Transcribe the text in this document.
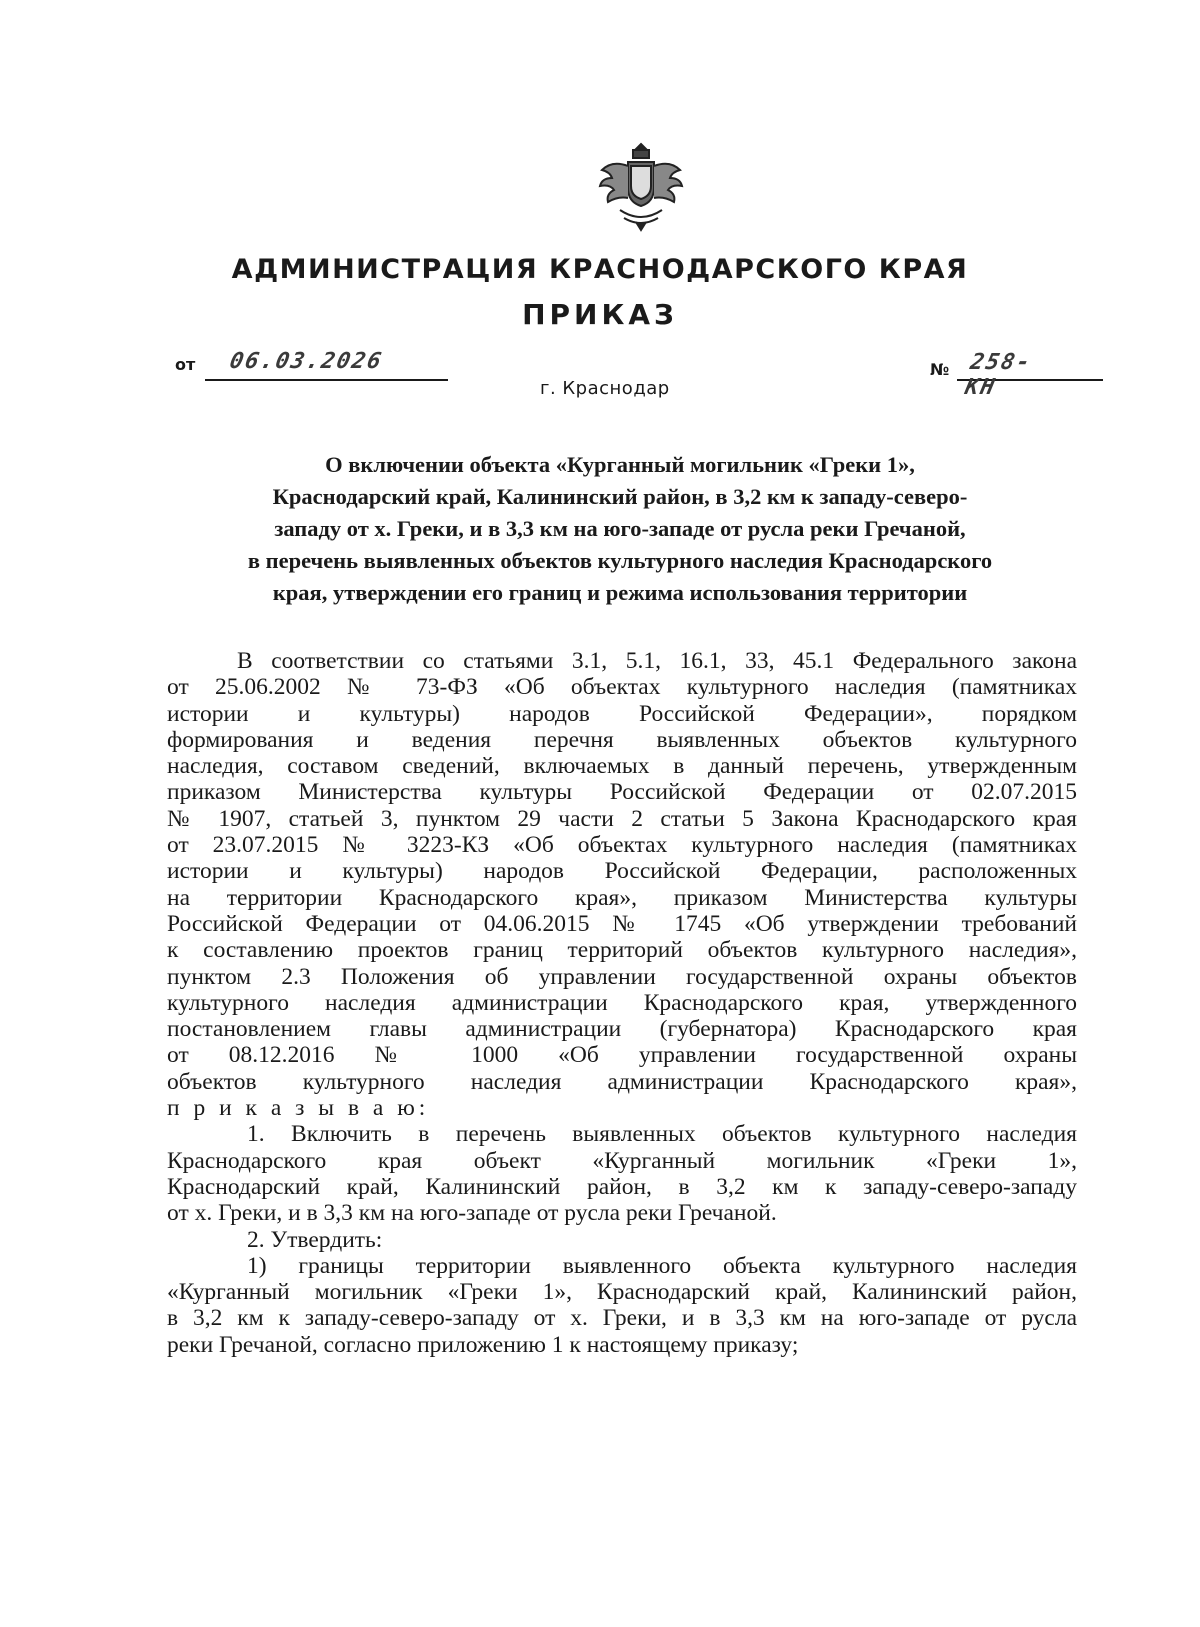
АДМИНИСТРАЦИЯ КРАСНОДАРСКОГО КРАЯ
ПРИКАЗ
от 06.03.2026	№ 258-КН
г. Краснодар
О включении объекта «Курганный могильник «Греки 1»,
Краснодарский край, Калининский район, в 3,2 км к западу-северо-
западу от х. Греки, и в 3,3 км на юго-западе от русла реки Гречаной,
в перечень выявленных объектов культурного наследия Краснодарского
края, утверждении его границ и режима использования территории
В соответствии со статьями 3.1, 5.1, 16.1, 33, 45.1 Федерального закона
от 25.06.2002 № 73-ФЗ «Об объектах культурного наследия (памятниках
истории и культуры) народов Российской Федерации», порядком
формирования и ведения перечня выявленных объектов культурного
наследия, составом сведений, включаемых в данный перечень, утвержденным
приказом Министерства культуры Российской Федерации от 02.07.2015
№ 1907, статьей 3, пунктом 29 части 2 статьи 5 Закона Краснодарского края
от 23.07.2015 № 3223-КЗ «Об объектах культурного наследия (памятниках
истории и культуры) народов Российской Федерации, расположенных
на территории Краснодарского края», приказом Министерства культуры
Российской Федерации от 04.06.2015 № 1745 «Об утверждении требований
к составлению проектов границ территорий объектов культурного наследия»,
пунктом 2.3 Положения об управлении государственной охраны объектов
культурного наследия администрации Краснодарского края, утвержденного
постановлением главы администрации (губернатора) Краснодарского края
от 08.12.2016 № 1000 «Об управлении государственной охраны
объектов культурного наследия администрации Краснодарского края»,
п р и к а з ы в а ю:
1. Включить в перечень выявленных объектов культурного наследия
Краснодарского края объект «Курганный могильник «Греки 1»,
Краснодарский край, Калининский район, в 3,2 км к западу-северо-западу
от х. Греки, и в 3,3 км на юго-западе от русла реки Гречаной.
2. Утвердить:
1) границы территории выявленного объекта культурного наследия
«Курганный могильник «Греки 1», Краснодарский край, Калининский район,
в 3,2 км к западу-северо-западу от х. Греки, и в 3,3 км на юго-западе от русла
реки Гречаной, согласно приложению 1 к настоящему приказу;
